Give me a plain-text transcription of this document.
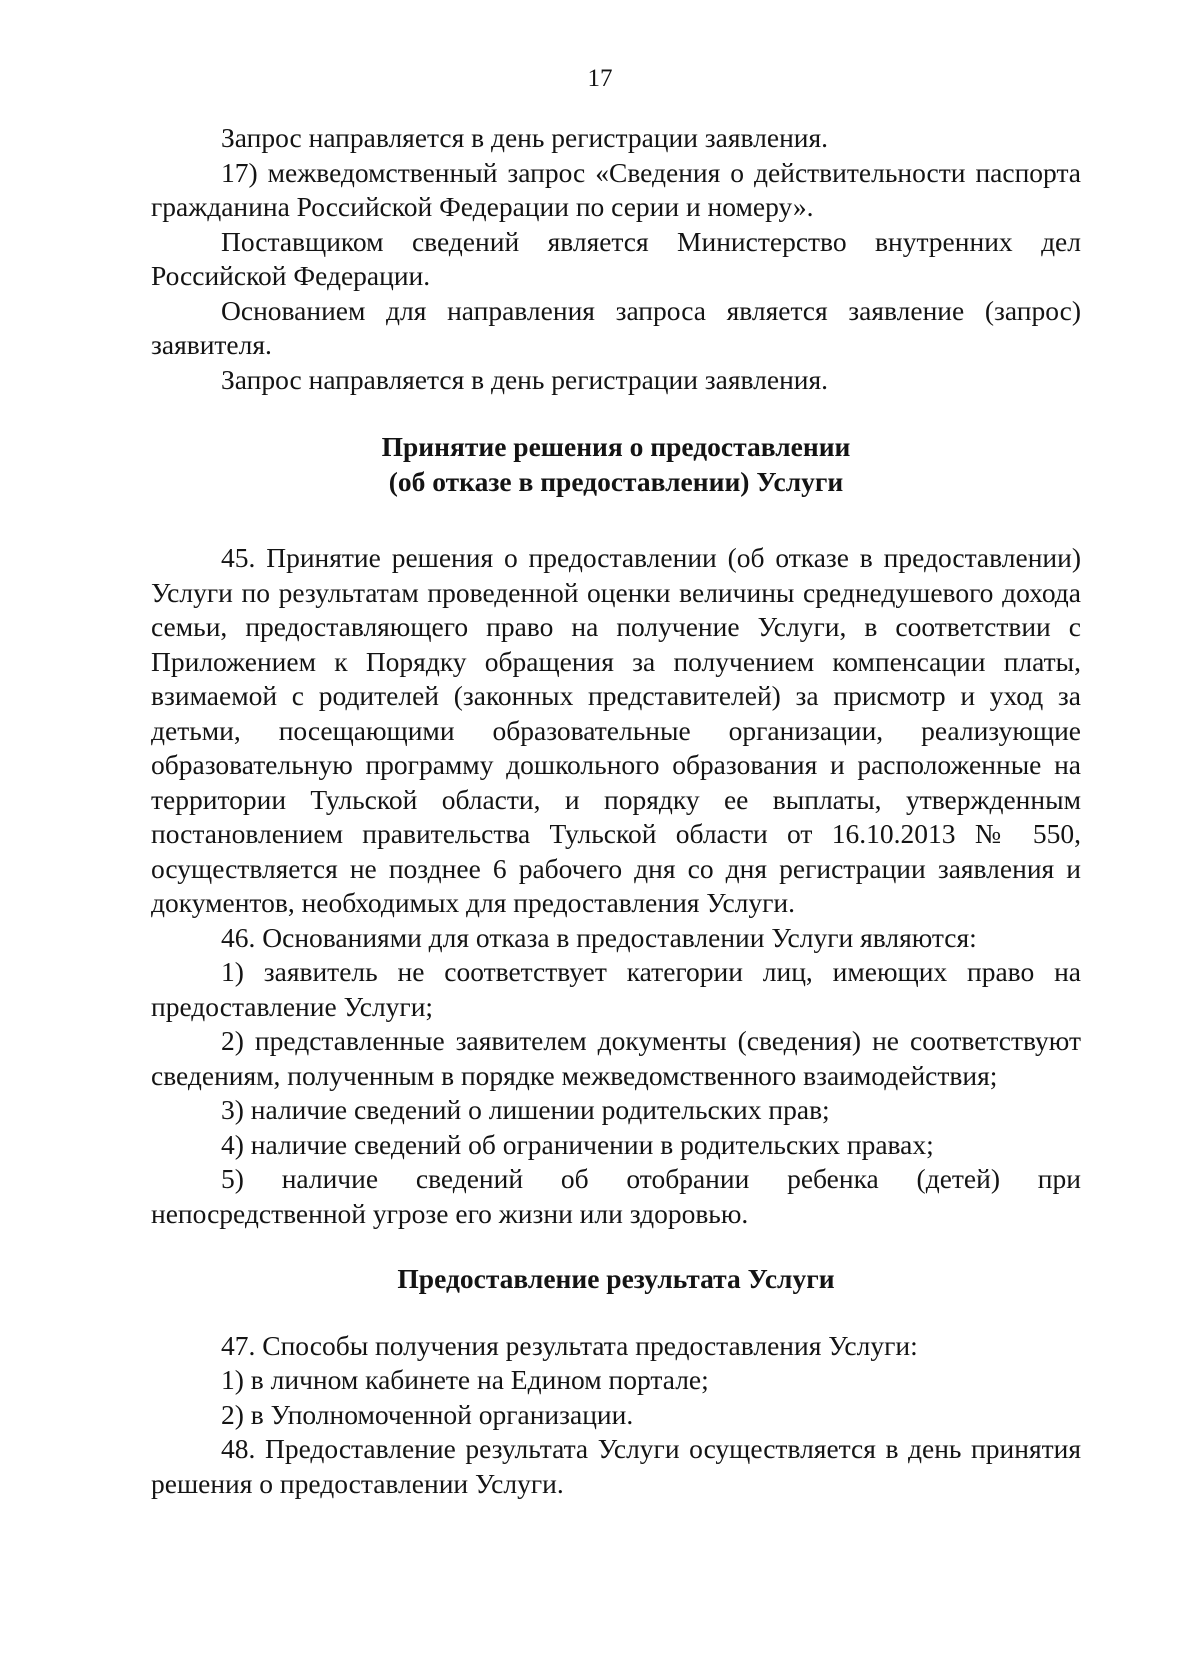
17

Запрос направляется в день регистрации заявления.

17) межведомственный запрос «Сведения о действительности паспорта гражданина Российской Федерации по серии и номеру».

Поставщиком сведений является Министерство внутренних дел Российской Федерации.

Основанием для направления запроса является заявление (запрос) заявителя.

Запрос направляется в день регистрации заявления.

Принятие решения о предоставлении

(об отказе в предоставлении) Услуги

45. Принятие решения о предоставлении (об отказе в предоставлении) Услуги по результатам проведенной оценки величины среднедушевого дохода семьи, предоставляющего право на получение Услуги, в соответствии с Приложением к Порядку обращения за получением компенсации платы, взимаемой с родителей (законных представителей) за присмотр и уход за детьми, посещающими образовательные организации, реализующие образовательную программу дошкольного образования и расположенные на территории Тульской области, и порядку ее выплаты, утвержденным постановлением правительства Тульской области от 16.10.2013 № 550, осуществляется не позднее 6 рабочего дня со дня регистрации заявления и документов, необходимых для предоставления Услуги.

46. Основаниями для отказа в предоставлении Услуги являются:

1) заявитель не соответствует категории лиц, имеющих право на предоставление Услуги;

2) представленные заявителем документы (сведения) не соответствуют сведениям, полученным в порядке межведомственного взаимодействия;

3) наличие сведений о лишении родительских прав;

4) наличие сведений об ограничении в родительских правах;

5) наличие сведений об отобрании ребенка (детей) при непосредственной угрозе его жизни или здоровью.

Предоставление результата Услуги

47. Способы получения результата предоставления Услуги:

1) в личном кабинете на Едином портале;

2) в Уполномоченной организации.

48. Предоставление результата Услуги осуществляется в день принятия решения о предоставлении Услуги.
